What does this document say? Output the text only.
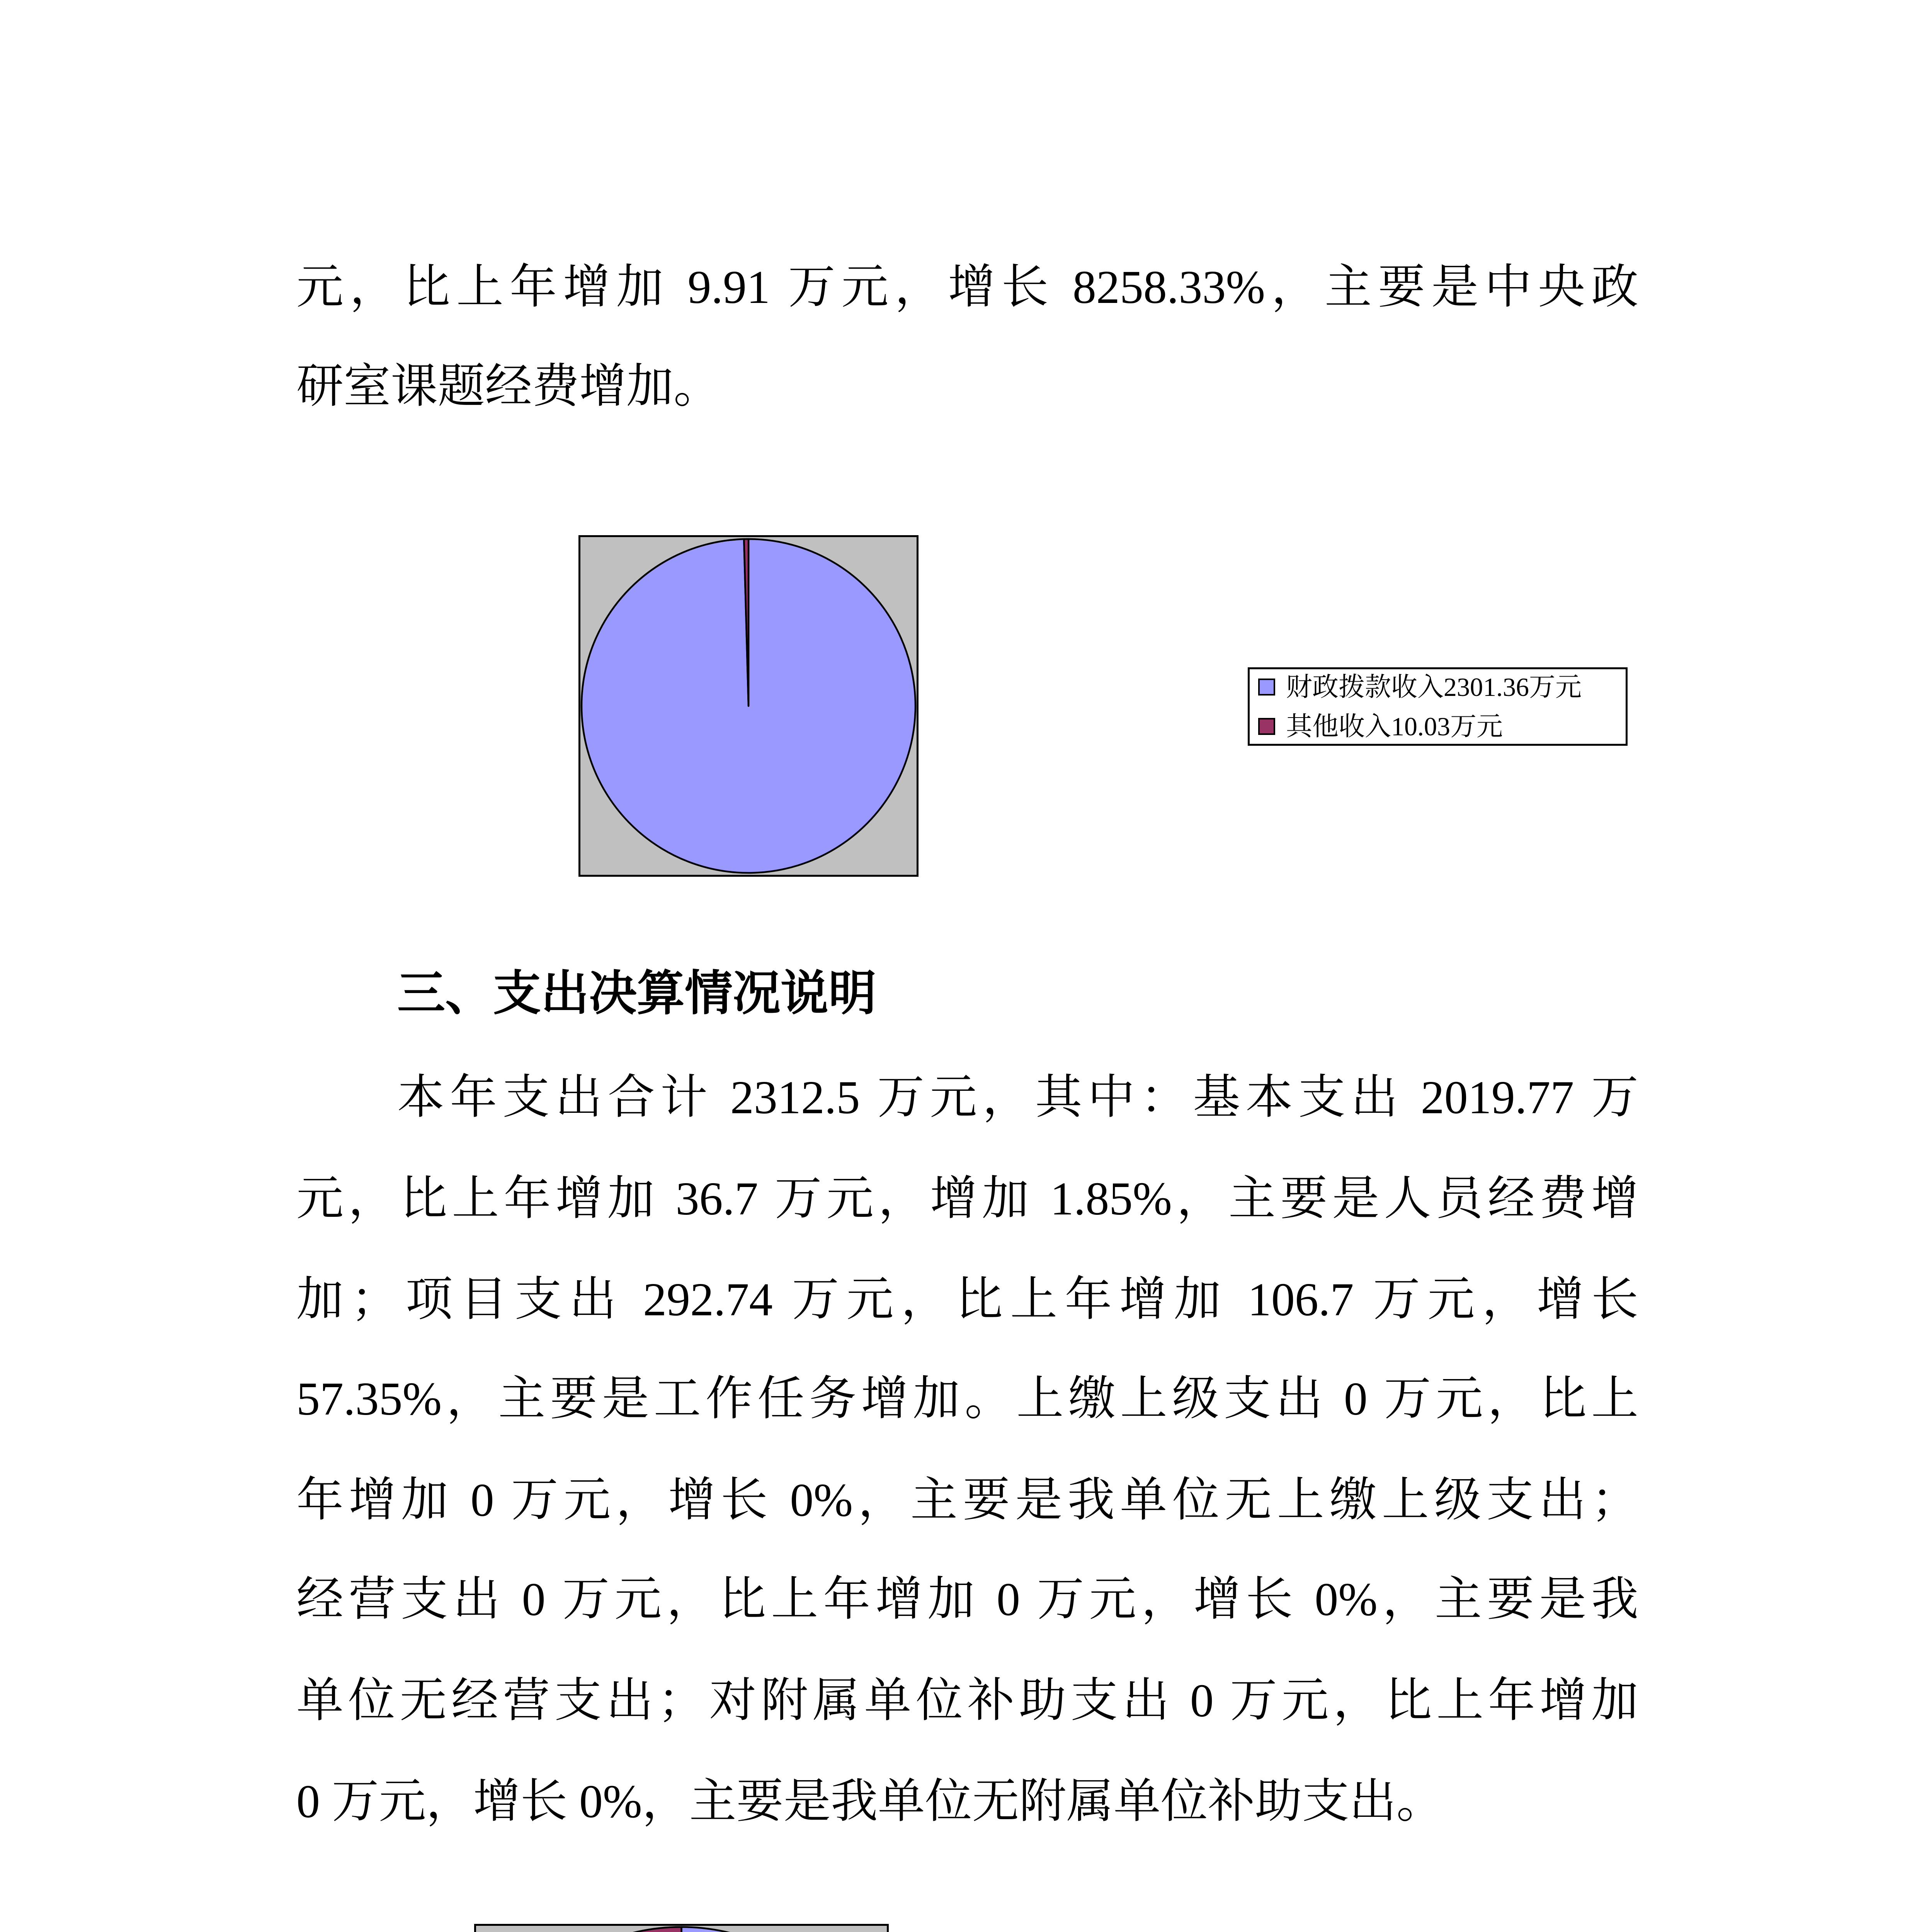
元，比上年增加 9.91 万元，增长 8258.33%，主要是中央政
研室课题经费增加。
财政拨款收入2301.36万元
其他收入10.03万元
三、支出决算情况说明
本年支出合计 2312.5 万元，其中：基本支出 2019.77 万
元，比上年增加 36.7 万元，增加 1.85%，主要是人员经费增
加；项目支出 292.74 万元，比上年增加 106.7 万元，增长
57.35%，主要是工作任务增加。上缴上级支出 0 万元，比上
年增加 0 万元，增长 0%，主要是我单位无上缴上级支出；
经营支出 0 万元，比上年增加 0 万元，增长 0%，主要是我
单位无经营支出；对附属单位补助支出 0 万元，比上年增加
0 万元，增长 0%，主要是我单位无附属单位补助支出。
